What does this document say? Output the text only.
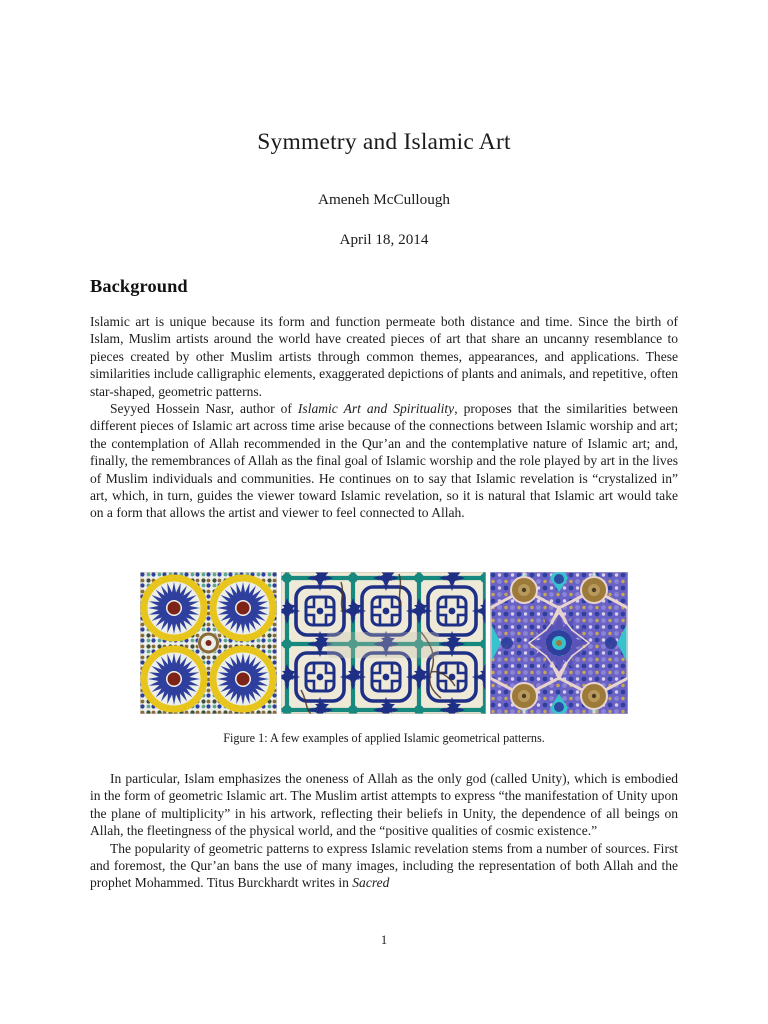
Symmetry and Islamic Art
Ameneh McCullough
April 18, 2014
Background

Islamic art is unique because its form and function permeate both distance and time. Since the birth of Islam, Muslim artists around the world have created pieces of art that share an uncanny resemblance to pieces created by other Muslim artists through common themes, appearances, and applications. These similarities include calligraphic elements, exaggerated depictions of plants and animals, and repetitive, often star-shaped, geometric patterns.

Seyyed Hossein Nasr, author of Islamic Art and Spirituality, proposes that the similarities between different pieces of Islamic art across time arise because of the connections between Islamic worship and art; the contemplation of Allah recommended in the Qur’an and the contemplative nature of Islamic art; and, finally, the remembrances of Allah as the final goal of Islamic worship and the role played by art in the lives of Muslim individuals and communities. He continues on to say that Islamic revelation is “crystalized in” art, which, in turn, guides the viewer toward Islamic revelation, so it is natural that Islamic art would take on a form that allows the artist and viewer to feel connected to Allah.

Figure 1: A few examples of applied Islamic geometrical patterns.

In particular, Islam emphasizes the oneness of Allah as the only god (called Unity), which is embodied in the form of geometric Islamic art. The Muslim artist attempts to express “the manifestation of Unity upon the plane of multiplicity” in his artwork, reflecting their beliefs in Unity, the dependence of all beings on Allah, the fleetingness of the physical world, and the “positive qualities of cosmic existence.”

The popularity of geometric patterns to express Islamic revelation stems from a number of sources. First and foremost, the Qur’an bans the use of many images, including the representation of both Allah and the prophet Mohammed. Titus Burckhardt writes in Sacred

1
